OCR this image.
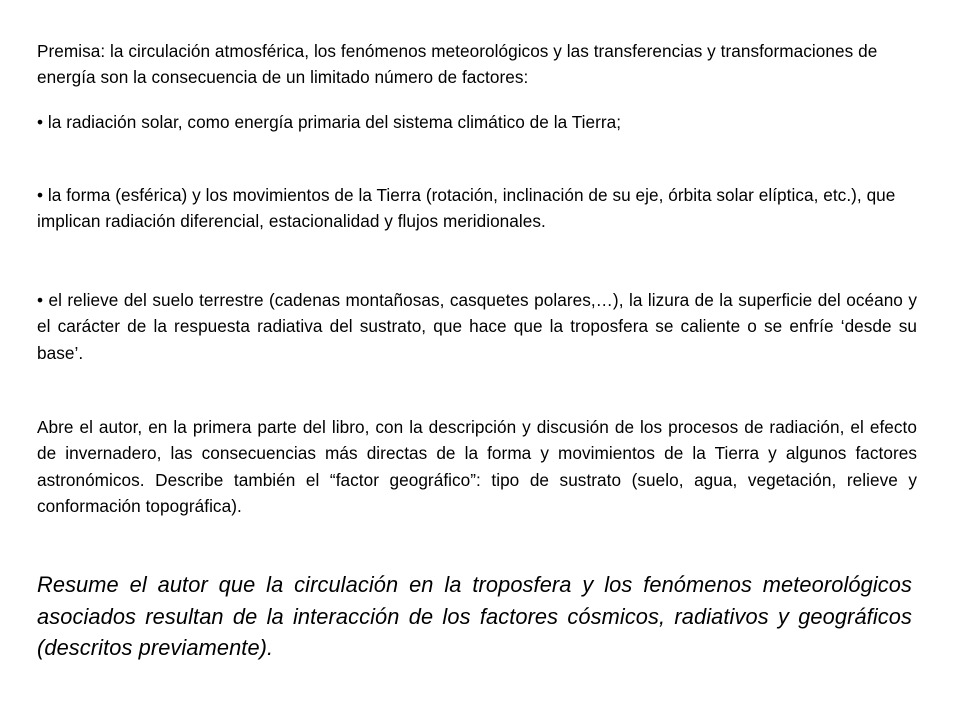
Premisa: la circulación atmosférica, los fenómenos meteorológicos y las transferencias y transformaciones de energía son la consecuencia de un limitado número de factores:

• la radiación solar, como energía primaria del sistema climático de la Tierra;

• la forma (esférica) y los movimientos de la Tierra (rotación, inclinación de su eje, órbita solar elíptica, etc.), que implican radiación diferencial, estacionalidad y flujos meridionales.

• el relieve del suelo terrestre (cadenas montañosas, casquetes polares,…), la lizura de la superficie del océano y el carácter de la respuesta radiativa del sustrato, que hace que la troposfera se caliente o se enfríe ‘desde su base’.

Abre el autor, en la primera parte del libro, con la descripción y discusión de los procesos de radiación, el efecto de invernadero, las consecuencias más directas de la forma y movimientos de la Tierra y algunos factores astronómicos. Describe también el “factor geográfico”: tipo de sustrato (suelo, agua, vegetación, relieve y conformación topográfica).

Resume el autor que la circulación en la troposfera y los fenómenos meteorológicos asociados resultan de la interacción de los factores cósmicos, radiativos y geográficos (descritos previamente).
